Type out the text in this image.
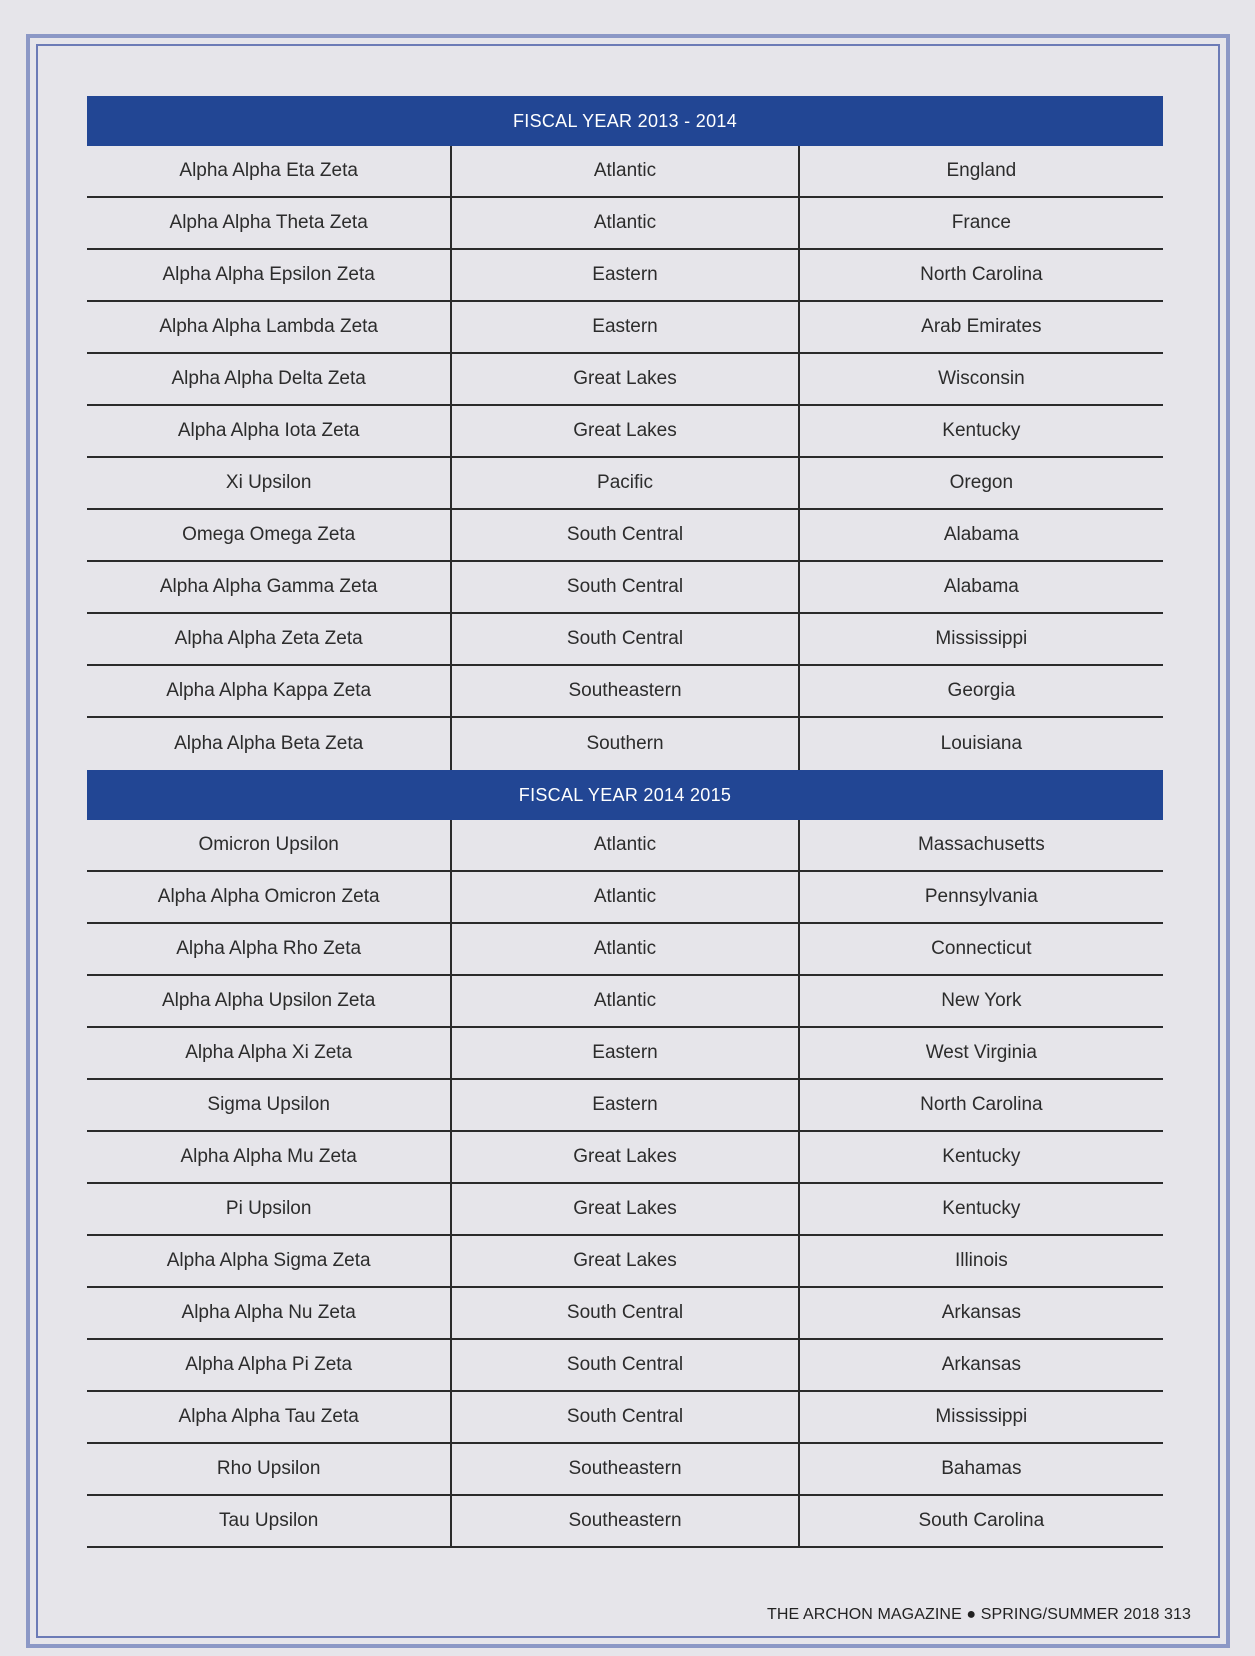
FISCAL YEAR 2013 - 2014
Alpha Alpha Eta Zeta	Atlantic	England
Alpha Alpha Theta Zeta	Atlantic	France
Alpha Alpha Epsilon Zeta	Eastern	North Carolina
Alpha Alpha Lambda Zeta	Eastern	Arab Emirates
Alpha Alpha Delta Zeta	Great Lakes	Wisconsin
Alpha Alpha Iota Zeta	Great Lakes	Kentucky
Xi Upsilon	Pacific	Oregon
Omega Omega Zeta	South Central	Alabama
Alpha Alpha Gamma Zeta	South Central	Alabama
Alpha Alpha Zeta Zeta	South Central	Mississippi
Alpha Alpha Kappa Zeta	Southeastern	Georgia
Alpha Alpha Beta Zeta	Southern	Louisiana
FISCAL YEAR 2014 2015
Omicron Upsilon	Atlantic	Massachusetts
Alpha Alpha Omicron Zeta	Atlantic	Pennsylvania
Alpha Alpha Rho Zeta	Atlantic	Connecticut
Alpha Alpha Upsilon Zeta	Atlantic	New York
Alpha Alpha Xi Zeta	Eastern	West Virginia
Sigma Upsilon	Eastern	North Carolina
Alpha Alpha Mu Zeta	Great Lakes	Kentucky
Pi Upsilon	Great Lakes	Kentucky
Alpha Alpha Sigma Zeta	Great Lakes	Illinois
Alpha Alpha Nu Zeta	South Central	Arkansas
Alpha Alpha Pi Zeta	South Central	Arkansas
Alpha Alpha Tau Zeta	South Central	Mississippi
Rho Upsilon	Southeastern	Bahamas
Tau Upsilon	Southeastern	South Carolina
THE ARCHON MAGAZINE ● SPRING/SUMMER 2018 313
